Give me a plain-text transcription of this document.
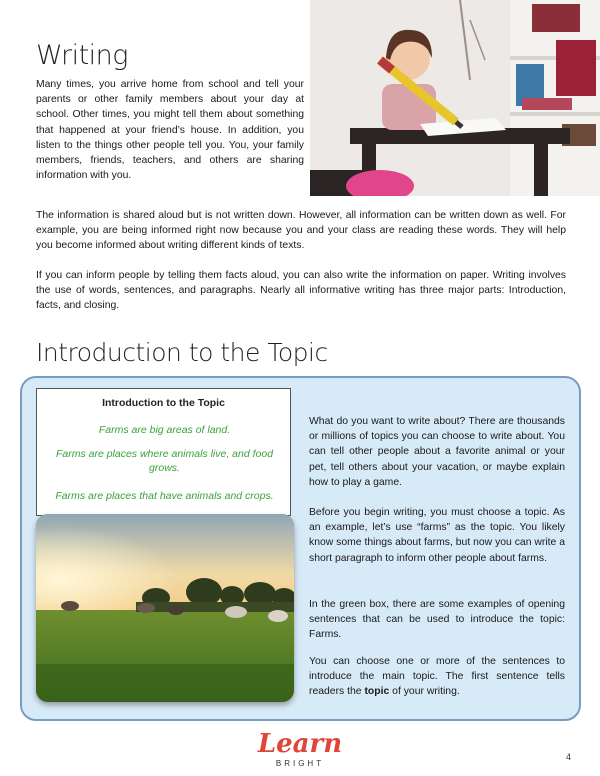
Writing

Many times, you arrive home from school and tell your parents or other family members about your day at school. Other times, you might tell them about something that happened at your friend’s house. In addition, you listen to the things other people tell you. You, your family members, friends, teachers, and others are sharing information with you.

The information is shared aloud but is not written down. However, all information can be written down as well. For example, you are being informed right now because you and your class are reading these words. They will help you become informed about writing different kinds of texts.

If you can inform people by telling them facts aloud, you can also write the information on paper. Writing involves the use of words, sentences, and paragraphs. Nearly all informative writing has three major parts: Introduction, facts, and closing.

Introduction to the Topic
Introduction to the Topic
Farms are big areas of land.
Farms are places where animals live, and food grows.
Farms are places that have animals and crops.

What do you want to write about? There are thousands or millions of topics you can choose to write about. You can tell other people about a favorite animal or your pet, tell others about your vacation, or maybe explain how to play a game.

Before you begin writing, you must choose a topic. As an example, let’s use “farms” as the topic. You likely know some things about farms, but now you can write a short paragraph to inform other people about farms.

In the green box, there are some examples of opening sentences that can be used to introduce the topic: Farms.

You can choose one or more of the sentences to introduce the main topic. The first sentence tells readers the topic of your writing.

Learn
BRIGHT
4
